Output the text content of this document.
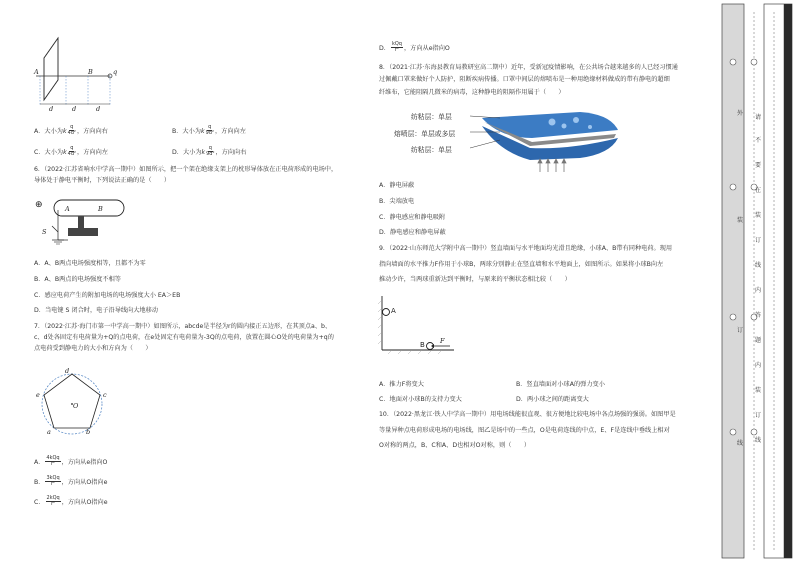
A	B	q
d	d	d
A．大小为k $\frac{q}{\text{4d²}}$ ，方向向右	B．大小为k $\frac{q}{\text{9d²}}$ ，方向向左
C．大小为k $\frac{q}{\text{4d²}}$ ，方向向左	D．大小为k $\frac{q}{\text{9d²}}$ ，方向向右
6．（2022·江苏省响水中学高一期中）如图所示，把一个架在绝缘支架上的枕形导体放在正电荷形成的电场中，
导体处于静电平衡时，下列说法正确的是（　　）
⊕	A	B
S
A．A、B两点电场强度相等，且都不为零
B．A、B两点的电场强度不相等
C．感应电荷产生的附加电场的电场强度大小 EA＞EB
D．当电键 S 闭合时，电子沿导线向大地移动
7．（2022·江苏·海门市第一中学高一期中）如图所示，abcde是半径为r的圆内接正五边形，在其顶点a、b、
c、d处各固定有电荷量为+Q的点电荷，在e处固定有电荷量为-3Q的点电荷，放置在圆心O处的电荷量为+q的
点电荷受到静电力的大小和方向为（　　）
d
e	c
O
a	b
A． $\frac{\text{4kQq}}{\text{r²}}$ ，方向从e指向O
B． $\frac{\text{3kQq}}{\text{r²}}$ ，方向从O指向e
C． $\frac{\text{2kQq}}{\text{r²}}$ ，方向从O指向e
D． $\frac{\text{kQq}}{\text{r²}}$ ，方向从e指向O
8．（2021·江苏·东海县教育局教研室高二期中）近年，受新冠疫情影响，在公共场合越来越多的人已经习惯通
过佩戴口罩来做好个人防护，阻断疾病传播。口罩中间层的熔喷布是一种用绝缘材料做成的带有静电的超细
纤维布，它能阻隔几微米的病毒，这种静电的阻隔作用属于（　　）
纺粘层：单层
熔喷层：单层或多层
纺粘层：单层
A．静电屏蔽
B．尖端放电
C．静电感应和静电吸附
D．静电感应和静电屏蔽
9．（2022·山东师范大学附中高一期中）竖直墙面与水平地面均光滑且绝缘，小球A、B带有同种电荷。现用
指向墙面的水平推力F作用于小球B，两球分别静止在竖直墙和水平地面上，如图所示。如果将小球B向左
推动少许，当两球重新达到平衡时，与原来的平衡状态相比较（　　）
A
B F
A．推力F将变大	B．竖直墙面对小球A的弹力变小
C．地面对小球B的支持力变大	D．两小球之间的距离变大
10．（2022·黑龙江·铁人中学高一期中）用电场线能很直观、很方便地比较电场中各点场强的强弱。如图甲是
等量异种点电荷形成电场的电场线，图乙是场中的一些点，O是电荷连线的中点，E、F是连线中垂线上相对
O对称的两点，B、C和A、D也相对O对称，则（　　）
外
装
订
线
请
不
要
在
装
订
线
内
答
题
内
装
订
线
